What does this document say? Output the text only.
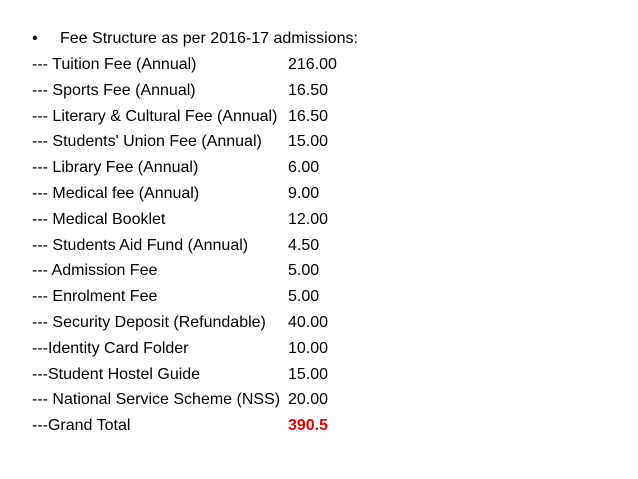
• Fee Structure as per 2016-17 admissions:
--- Tuition Fee (Annual)	216.00
--- Sports Fee (Annual)	16.50
--- Literary & Cultural Fee (Annual) 16.50
--- Students' Union Fee (Annual) 15.00
--- Library Fee (Annual)	6.00
--- Medical fee (Annual)	9.00
--- Medical Booklet	12.00
--- Students Aid Fund (Annual) 4.50
--- Admission Fee	5.00
--- Enrolment Fee	5.00
--- Security Deposit (Refundable) 40.00
---Identity Card Folder	10.00
---Student Hostel Guide	15.00
--- National Service Scheme (NSS) 20.00
---Grand Total	390.5
